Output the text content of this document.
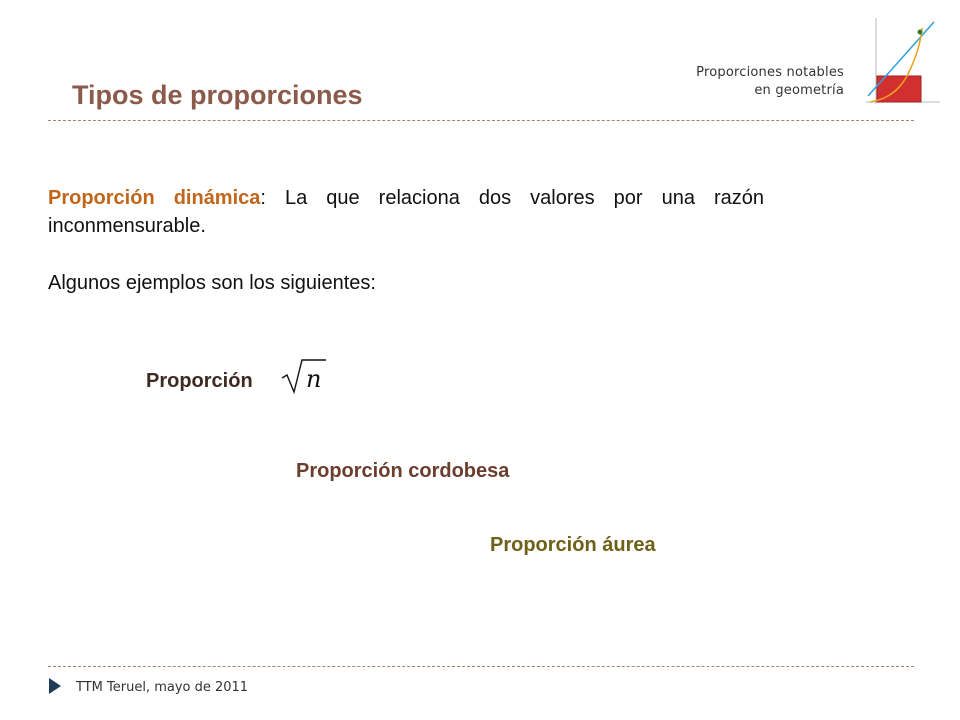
Tipos de proporciones
Proporciones notables
en geometría

Proporción dinámica: La que relaciona dos valores por una razón inconmensurable.

Algunos ejemplos son los siguientes:

Proporción n

Proporción cordobesa

Proporción áurea

TTM Teruel, mayo de 2011
